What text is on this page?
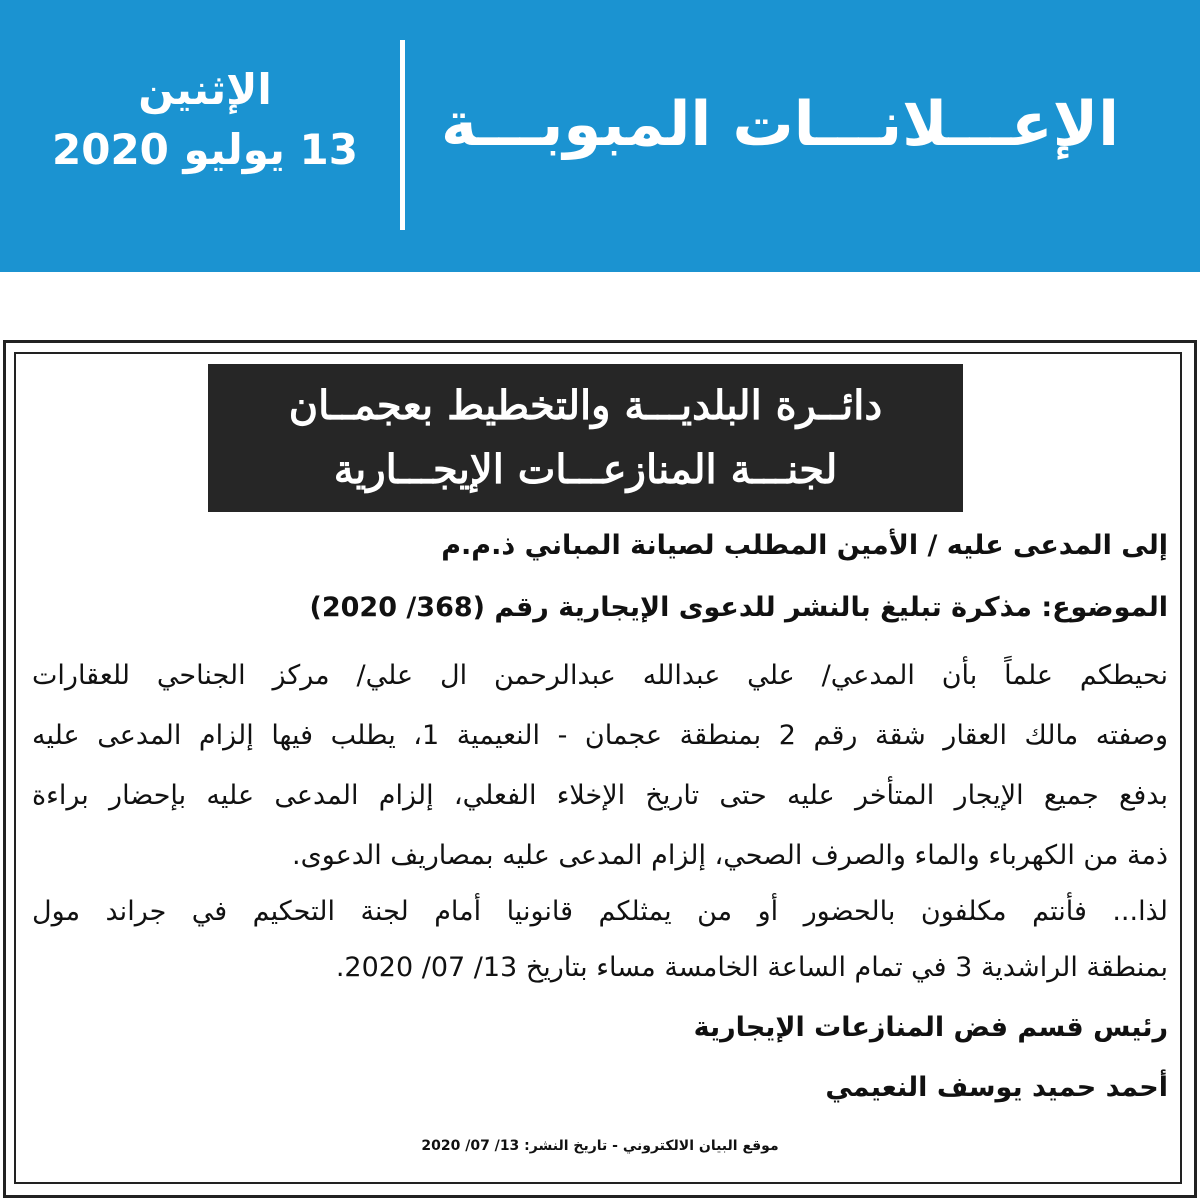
الإعـــلانـــات المبوبـــة
الإثنين
13 يوليو 2020
دائــرة البلديـــة والتخطيط بعجمــان
لجنـــة المنازعـــات الإيجـــارية
إلى المدعى عليه / الأمين المطلب لصيانة المباني ذ.م.م
الموضوع: مذكرة تبليغ بالنشر للدعوى الإيجارية رقم (368/ 2020)
نحيطكم علماً بأن المدعي/ علي عبدالله عبدالرحمن ال علي/ مركز الجناحي للعقارات
وصفته مالك العقار شقة رقم 2 بمنطقة عجمان - النعيمية 1، يطلب فيها إلزام المدعى عليه
بدفع جميع الإيجار المتأخر عليه حتى تاريخ الإخلاء الفعلي، إلزام المدعى عليه بإحضار براءة
ذمة من الكهرباء والماء والصرف الصحي، إلزام المدعى عليه بمصاريف الدعوى.
لذا... فأنتم مكلفون بالحضور أو من يمثلكم قانونيا أمام لجنة التحكيم في جراند مول
بمنطقة الراشدية 3 في تمام الساعة الخامسة مساء بتاريخ 13/ 07/ 2020.
رئيس قسم فض المنازعات الإيجارية
أحمد حميد يوسف النعيمي
موقع البيان الالكتروني - تاريخ النشر: 13/ 07/ 2020
